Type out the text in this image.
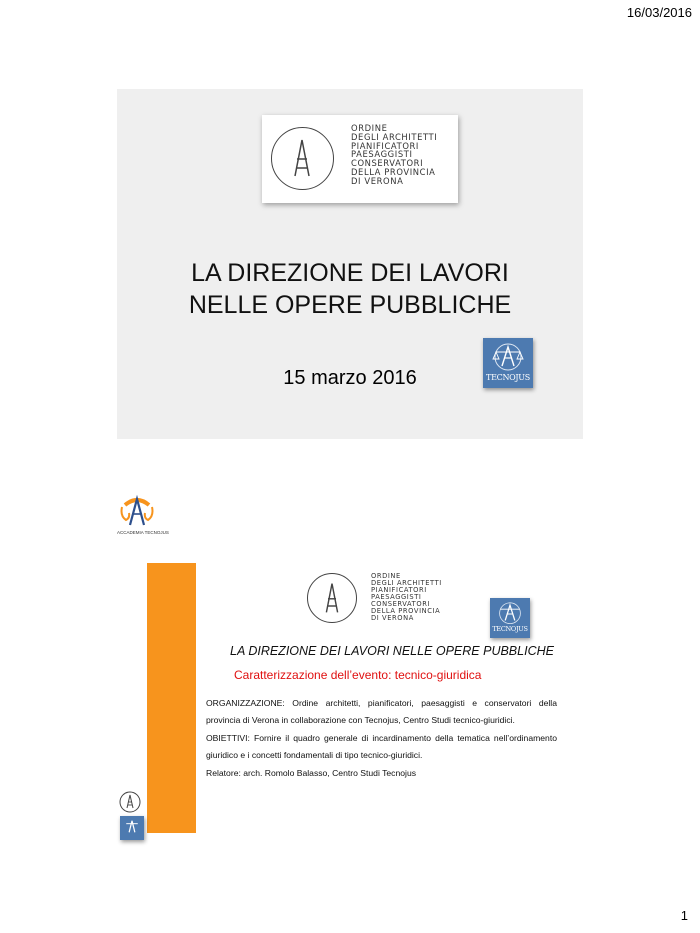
16/03/2016
ORDINE
DEGLI ARCHITETTI
PIANIFICATORI
PAESAGGISTI
CONSERVATORI
DELLA PROVINCIA
DI VERONA
LA DIREZIONE DEI LAVORI
NELLE OPERE PUBBLICHE
15 marzo 2016	TECNOJUS
ACCADEMIA TECNOJUS
ORDINE
DEGLI ARCHITETTI
PIANIFICATORI
PAESAGGISTI
CONSERVATORI
DELLA PROVINCIA
DI VERONA
TECNOJUS
LA DIREZIONE DEI LAVORI NELLE OPERE PUBBLICHE
Caratterizzazione dell’evento: tecnico-giuridica

ORGANIZZAZIONE: Ordine architetti, pianificatori, paesaggisti e conservatori della provincia di Verona in collaborazione con Tecnojus, Centro Studi tecnico-giuridici.

OBIETTIVI: Fornire il quadro generale di incardinamento della tematica nell’ordinamento giuridico e i concetti fondamentali di tipo tecnico-giuridici.

Relatore: arch. Romolo Balasso, Centro Studi Tecnojus

1
